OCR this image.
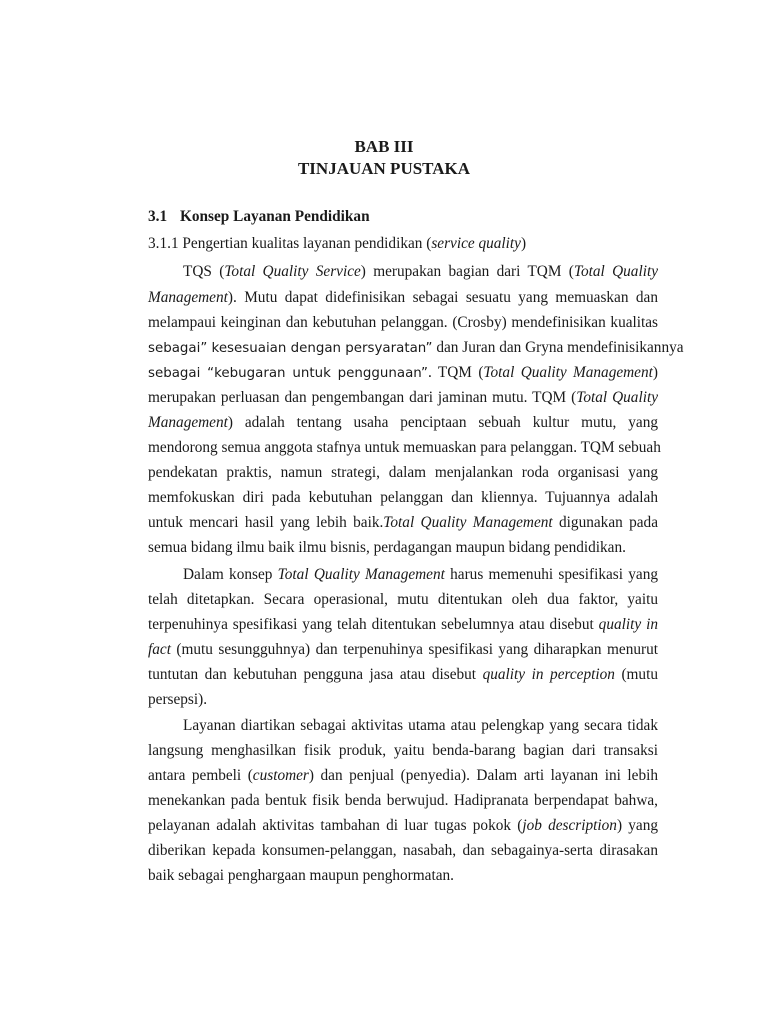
BAB III
TINJAUAN PUSTAKA
3.1 Konsep Layanan Pendidikan
3.1.1 Pengertian kualitas layanan pendidikan (service quality)
TQS (Total Quality Service) merupakan bagian dari TQM (Total Quality
Management). Mutu dapat didefinisikan sebagai sesuatu yang memuaskan dan
melampaui keinginan dan kebutuhan pelanggan. (Crosby) mendefinisikan kualitas
sebagai” kesesuaian dengan persyaratan” dan Juran dan Gryna mendefinisikannya
sebagai “kebugaran untuk penggunaan”. TQM (Total Quality Management)
merupakan perluasan dan pengembangan dari jaminan mutu. TQM (Total Quality
Management) adalah tentang usaha penciptaan sebuah kultur mutu, yang
mendorong semua anggota stafnya untuk memuaskan para pelanggan. TQM sebuah
pendekatan praktis, namun strategi, dalam menjalankan roda organisasi yang
memfokuskan diri pada kebutuhan pelanggan dan kliennya. Tujuannya adalah
untuk mencari hasil yang lebih baik.Total Quality Management digunakan pada
semua bidang ilmu baik ilmu bisnis, perdagangan maupun bidang pendidikan.
Dalam konsep Total Quality Management harus memenuhi spesifikasi yang
telah ditetapkan. Secara operasional, mutu ditentukan oleh dua faktor, yaitu
terpenuhinya spesifikasi yang telah ditentukan sebelumnya atau disebut quality in
fact (mutu sesungguhnya) dan terpenuhinya spesifikasi yang diharapkan menurut
tuntutan dan kebutuhan pengguna jasa atau disebut quality in perception (mutu
persepsi).
Layanan diartikan sebagai aktivitas utama atau pelengkap yang secara tidak
langsung menghasilkan fisik produk, yaitu benda-barang bagian dari transaksi
antara pembeli (customer) dan penjual (penyedia). Dalam arti layanan ini lebih
menekankan pada bentuk fisik benda berwujud. Hadipranata berpendapat bahwa,
pelayanan adalah aktivitas tambahan di luar tugas pokok (job description) yang
diberikan kepada konsumen-pelanggan, nasabah, dan sebagainya-serta dirasakan
baik sebagai penghargaan maupun penghormatan.
